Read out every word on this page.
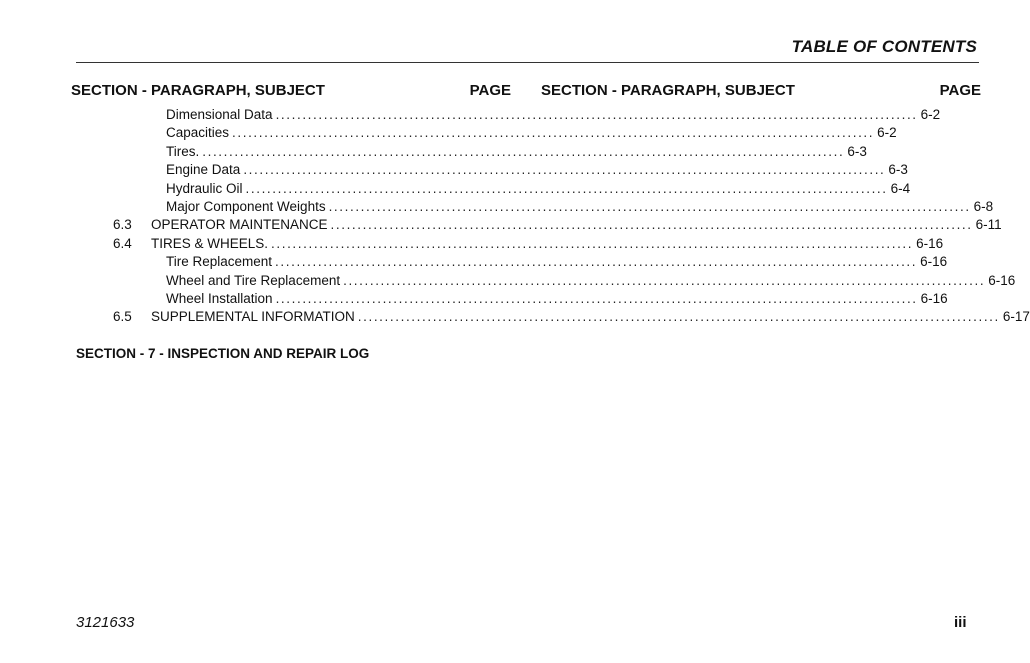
TABLE OF CONTENTS
SECTION - PARAGRAPH, SUBJECT	PAGE SECTION - PARAGRAPH, SUBJECT	PAGE
Dimensional Data ........................................................................................................................ 6-2
Capacities ........................................................................................................................ 6-2
Tires. ........................................................................................................................ 6-3
Engine Data ........................................................................................................................ 6-3
Hydraulic Oil ........................................................................................................................ 6-4
Major Component Weights ........................................................................................................................ 6-8
6.3	OPERATOR MAINTENANCE ........................................................................................................................ 6-11
6.4	TIRES & WHEELS. ........................................................................................................................ 6-16
Tire Replacement ........................................................................................................................ 6-16
Wheel and Tire Replacement ........................................................................................................................ 6-16
Wheel Installation ........................................................................................................................ 6-16
6.5	SUPPLEMENTAL INFORMATION ........................................................................................................................ 6-17
SECTION - 7 - INSPECTION AND REPAIR LOG
3121633	iii
